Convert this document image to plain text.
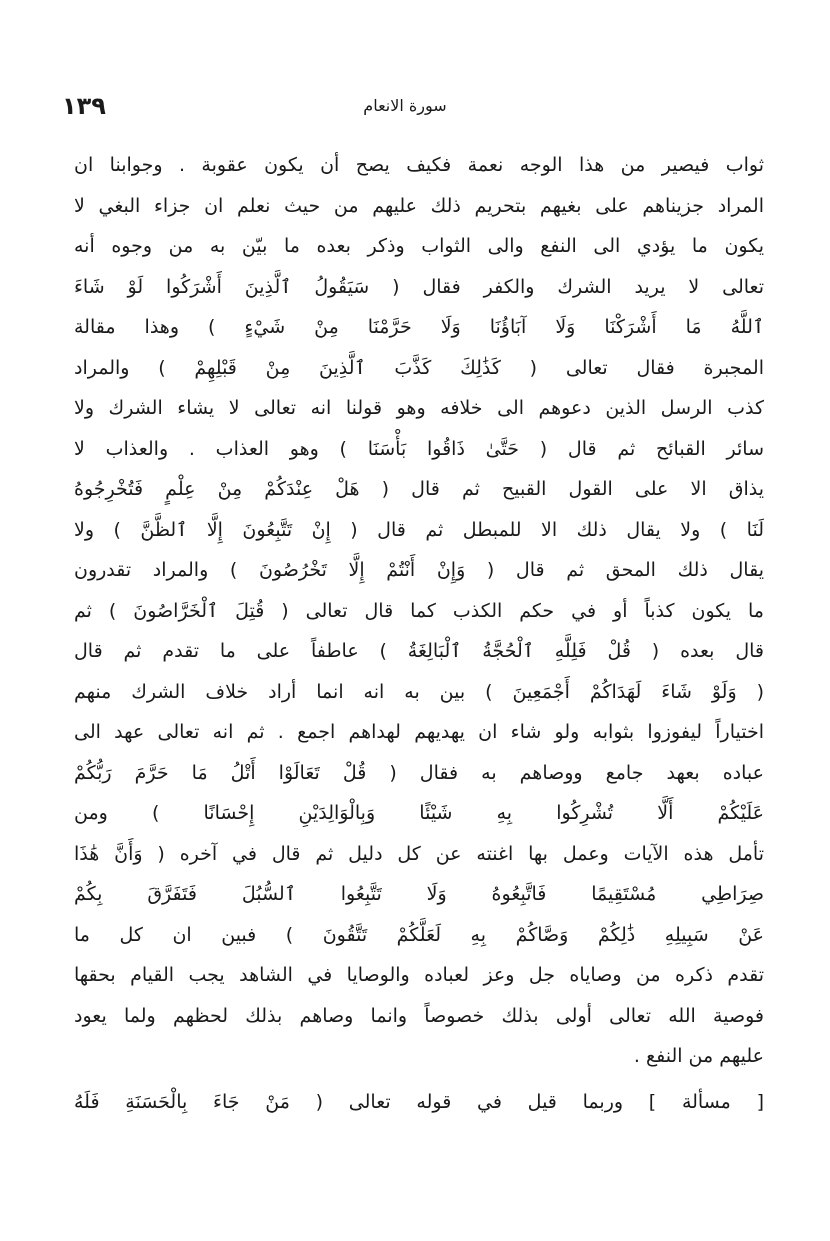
سورة الانعام
١٣٩
ثواب فيصير من هذا الوجه نعمة فكيف يصح أن يكون عقوبة . وجوابنا ان
المراد جزيناهم على بغيهم بتحريم ذلك عليهم من حيث نعلم ان جزاء البغي لا
يكون ما يؤدي الى النفع والى الثواب وذكر بعده ما بيّن به من وجوه أنه
تعالى لا يريد الشرك والكفر فقال ( سَيَقُولُ ٱلَّذِينَ أَشْرَكُوا لَوْ شَاءَ
ٱللَّهُ مَا أَشْرَكْنَا وَلَا آبَاؤُنَا وَلَا حَرَّمْنَا مِنْ شَيْءٍ ) وهذا مقالة
المجبرة فقال تعالى ( كَذَٰلِكَ كَذَّبَ ٱلَّذِينَ مِنْ قَبْلِهِمْ ) والمراد
كذب الرسل الذين دعوهم الى خلافه وهو قولنا انه تعالى لا يشاء الشرك ولا
سائر القبائح ثم قال ( حَتَّىٰ ذَاقُوا بَأْسَنَا ) وهو العذاب . والعذاب لا
يذاق الا على القول القبيح ثم قال ( هَلْ عِنْدَكُمْ مِنْ عِلْمٍ فَتُخْرِجُوهُ
لَنَا ) ولا يقال ذلك الا للمبطل ثم قال ( إِنْ تَتَّبِعُونَ إِلَّا ٱلظَّنَّ ) ولا
يقال ذلك المحق ثم قال ( وَإِنْ أَنْتُمْ إِلَّا تَخْرُصُونَ ) والمراد تقدرون
ما يكون كذباً أو في حكم الكذب كما قال تعالى ( قُتِلَ ٱلْخَرَّاصُونَ ) ثم
قال بعده ( قُلْ فَلِلَّهِ ٱلْحُجَّةُ ٱلْبَالِغَةُ ) عاطفاً على ما تقدم ثم قال
( وَلَوْ شَاءَ لَهَدَاكُمْ أَجْمَعِينَ ) بين به انه انما أراد خلاف الشرك منهم
اختياراً ليفوزوا بثوابه ولو شاء ان يهديهم لهداهم اجمع . ثم انه تعالى عهد الى
عباده بعهد جامع ووصاهم به فقال ( قُلْ تَعَالَوْا أَتْلُ مَا حَرَّمَ رَبُّكُمْ
عَلَيْكُمْ أَلَّا تُشْرِكُوا بِهِ شَيْئًا وَبِالْوَالِدَيْنِ إِحْسَانًا ) ومن
تأمل هذه الآيات وعمل بها اغنته عن كل دليل ثم قال في آخره ( وَأَنَّ هَٰذَا
صِرَاطِي مُسْتَقِيمًا فَاتَّبِعُوهُ وَلَا تَتَّبِعُوا ٱلسُّبُلَ فَتَفَرَّقَ بِكُمْ
عَنْ سَبِيلِهِ ذَٰلِكُمْ وَصَّاكُمْ بِهِ لَعَلَّكُمْ تَتَّقُونَ ) فبين ان كل ما
تقدم ذكره من وصاياه جل وعز لعباده والوصايا في الشاهد يجب القيام بحقها
فوصية الله تعالى أولى بذلك خصوصاً وانما وصاهم بذلك لحظهم ولما يعود
عليهم من النفع .
[ مسألة ] وربما قيل في قوله تعالى ( مَنْ جَاءَ بِالْحَسَنَةِ فَلَهُ
